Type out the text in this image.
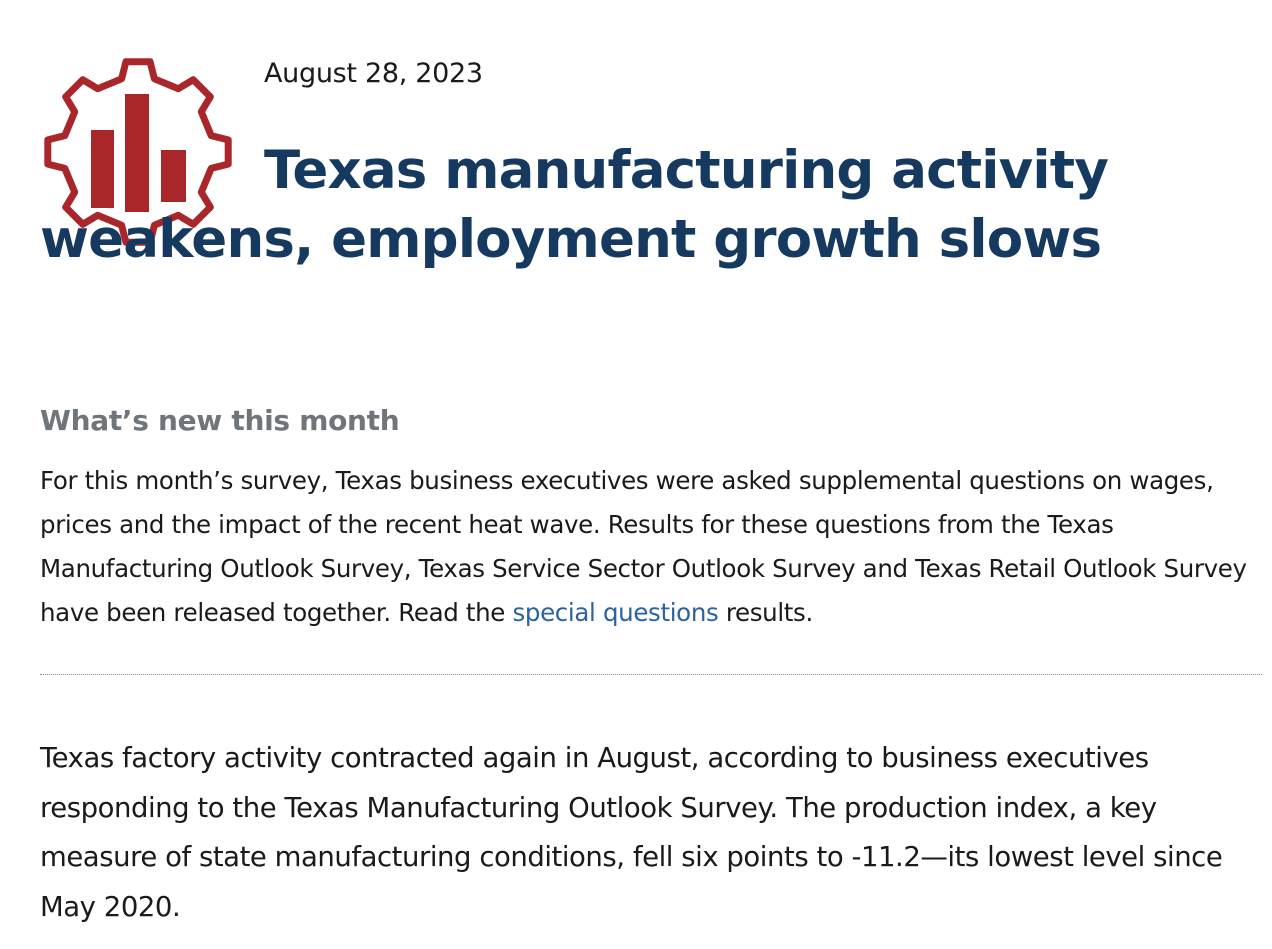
August 28, 2023

Texas manufacturing activity weakens, employment growth slows
What’s new this month

For this month’s survey, Texas business executives were asked supplemental questions on wages, prices and the impact of the recent heat wave. Results for these questions from the Texas Manufacturing Outlook Survey, Texas Service Sector Outlook Survey and Texas Retail Outlook Survey have been released together. Read the special questions results.

Texas factory activity contracted again in August, according to business executives responding to the Texas Manufacturing Outlook Survey. The production index, a key measure of state manufacturing conditions, fell six points to -11.2—its lowest level since May 2020.
